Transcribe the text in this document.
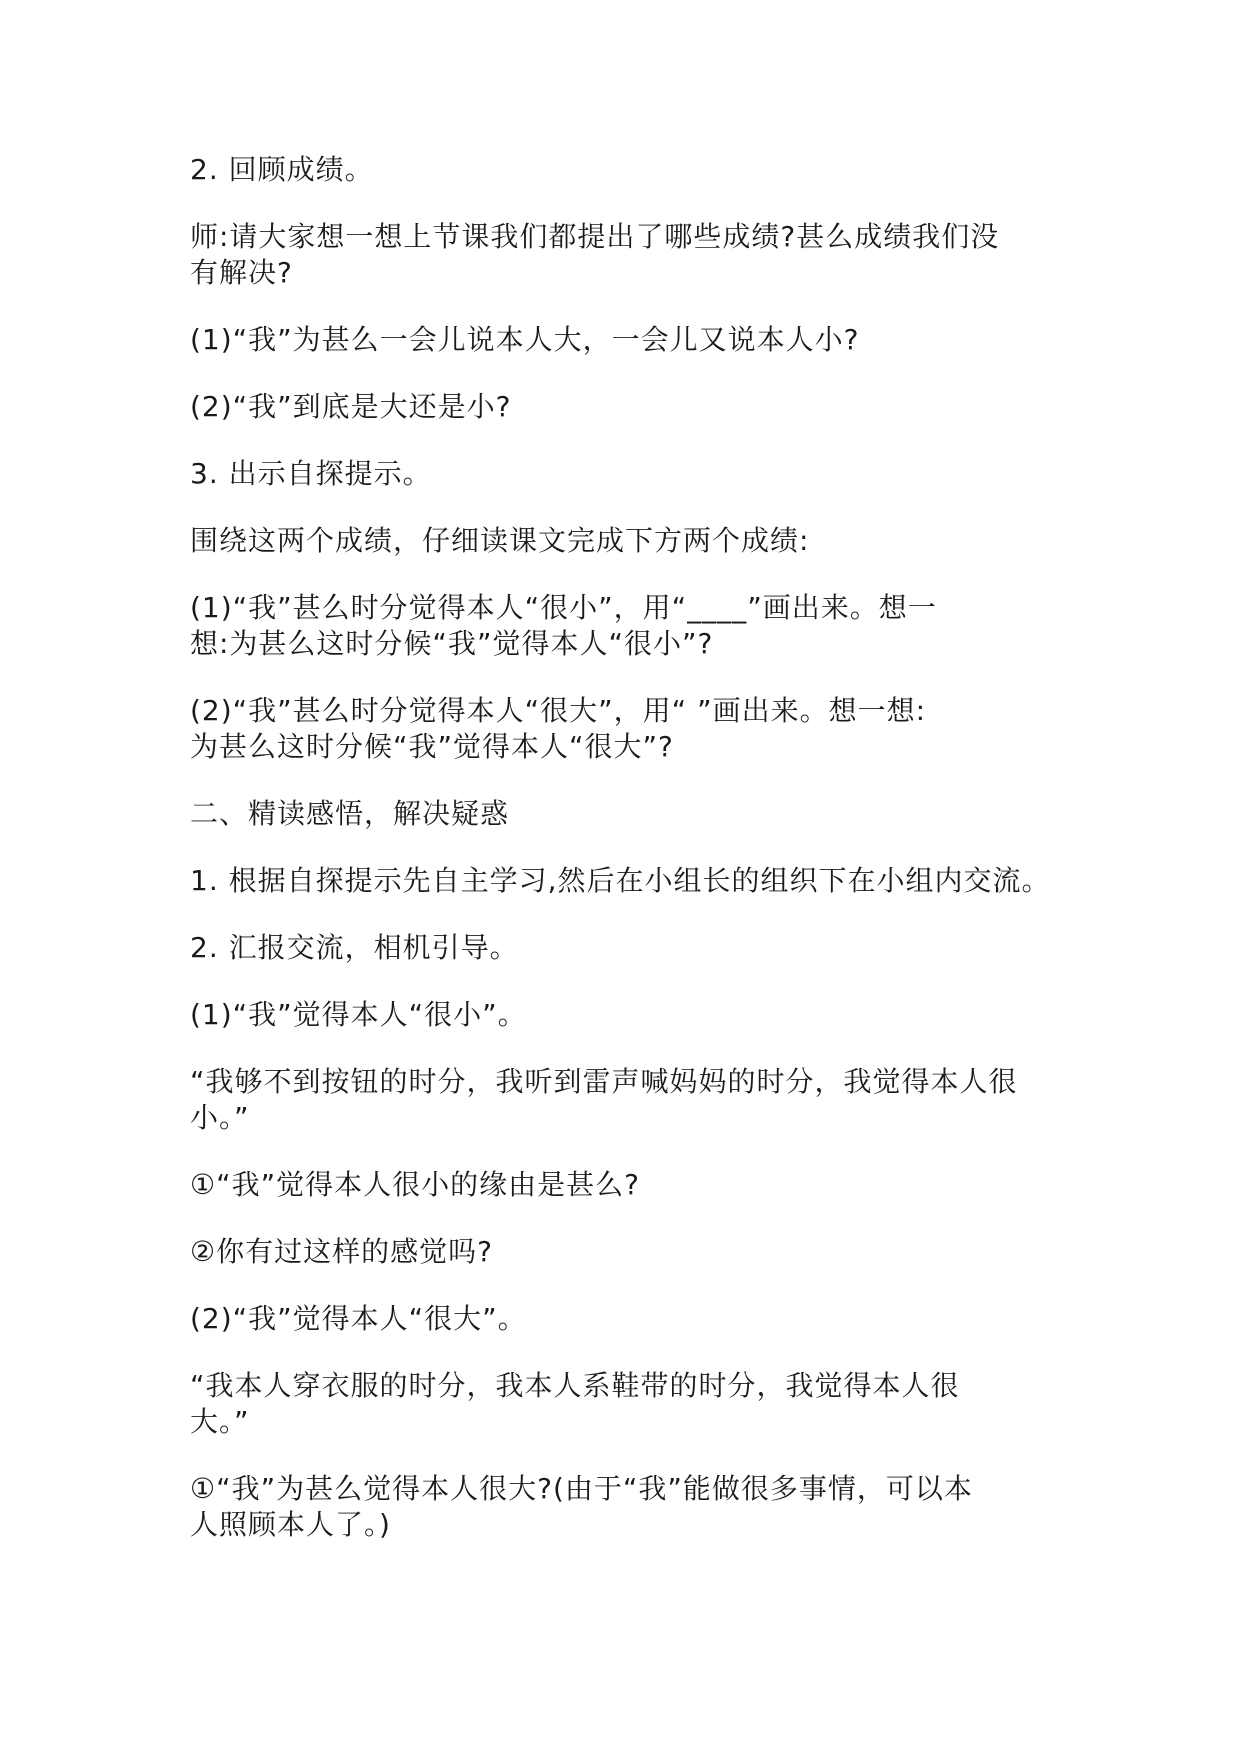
2. 回顾成绩。

师:请大家想一想上节课我们都提出了哪些成绩?甚么成绩我们没
有解决?

(1)“我”为甚么一会儿说本人大，一会儿又说本人小?

(2)“我”到底是大还是小?

3. 出示自探提示。

围绕这两个成绩，仔细读课文完成下方两个成绩:

(1)“我”甚么时分觉得本人“很小”，用“____”画出来。想一
想:为甚么这时分候“我”觉得本人“很小”?

(2)“我”甚么时分觉得本人“很大”，用“ ”画出来。想一想:
为甚么这时分候“我”觉得本人“很大”?

二、精读感悟，解决疑惑

1. 根据自探提示先自主学习,然后在小组长的组织下在小组内交流。

2. 汇报交流，相机引导。

(1)“我”觉得本人“很小”。

“我够不到按钮的时分，我听到雷声喊妈妈的时分，我觉得本人很
小。”

①“我”觉得本人很小的缘由是甚么?

②你有过这样的感觉吗?

(2)“我”觉得本人“很大”。

“我本人穿衣服的时分，我本人系鞋带的时分，我觉得本人很
大。”

①“我”为甚么觉得本人很大?(由于“我”能做很多事情，可以本
人照顾本人了。)
